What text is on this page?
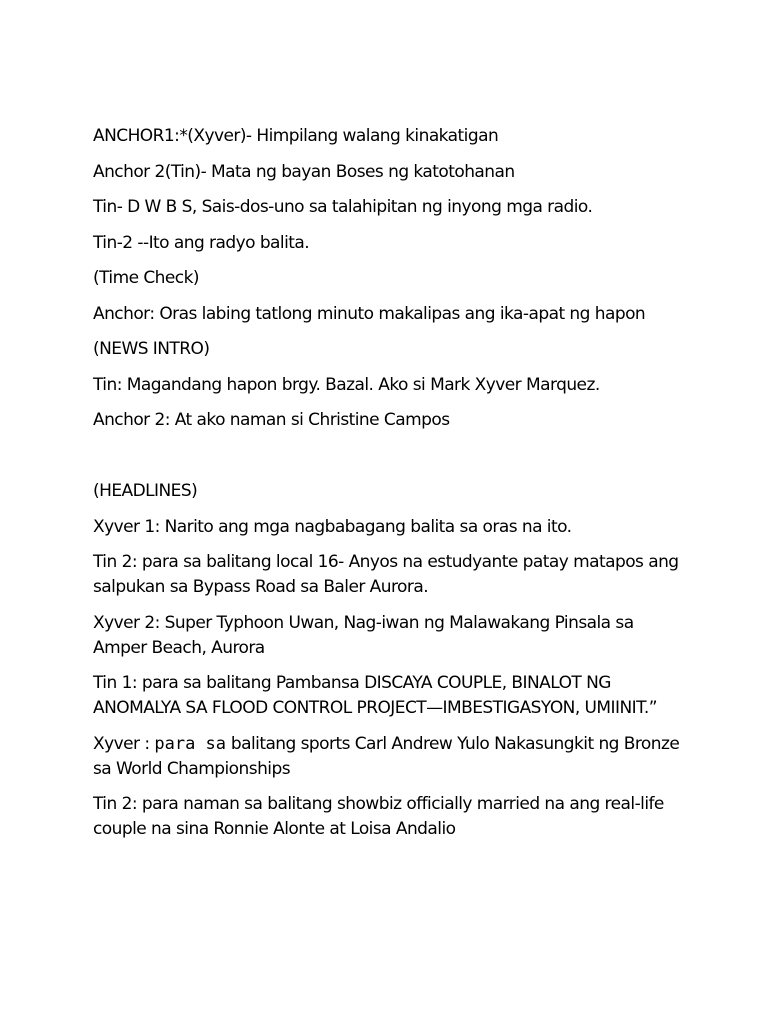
ANCHOR1:*(Xyver)- Himpilang walang kinakatigan

Anchor 2(Tin)- Mata ng bayan Boses ng katotohanan

Tin- D W B S, Sais-dos-uno sa talahipitan ng inyong mga radio.

Tin-2 --Ito ang radyo balita.

(Time Check)

Anchor: Oras labing tatlong minuto makalipas ang ika-apat ng hapon

(NEWS INTRO)

Tin: Magandang hapon brgy. Bazal. Ako si Mark Xyver Marquez.

Anchor 2: At ako naman si Christine Campos

(HEADLINES)

Xyver 1: Narito ang mga nagbabagang balita sa oras na ito.

Tin 2: para sa balitang local 16- Anyos na estudyante patay matapos ang salpukan sa Bypass Road sa Baler Aurora.

Xyver 2: Super Typhoon Uwan, Nag-iwan ng Malawakang Pinsala sa Amper Beach, Aurora

Tin 1: para sa balitang Pambansa DISCAYA COUPLE, BINALOT NG ANOMALYA SA FLOOD CONTROL PROJECT—IMBESTIGASYON, UMIINIT.”

Xyver : para sa balitang sports Carl Andrew Yulo Nakasungkit ng Bronze sa World Championships

Tin 2: para naman sa balitang showbiz officially married na ang real-life couple na sina Ronnie Alonte at Loisa Andalio
